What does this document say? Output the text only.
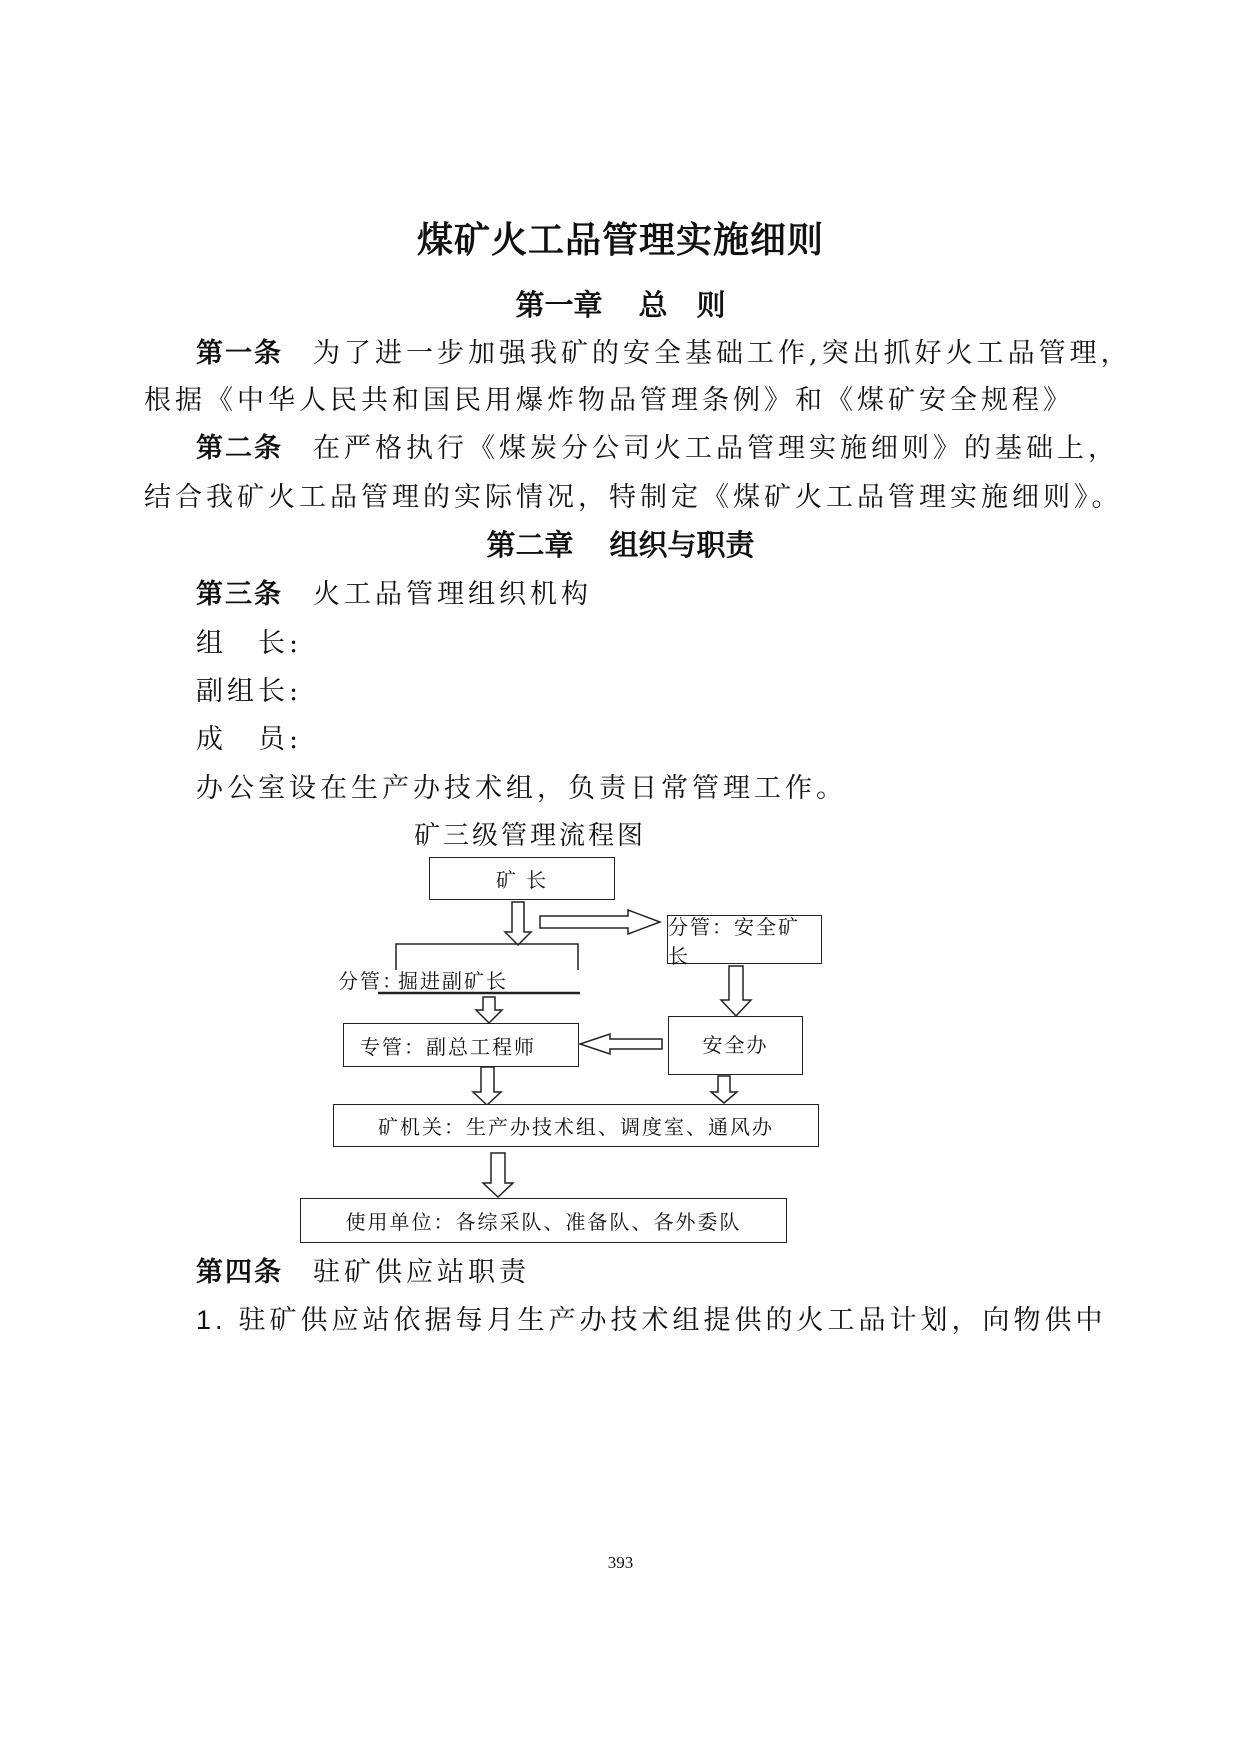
煤矿火工品管理实施细则
第一章 总　则
第一条 为了进一步加强我矿的安全基础工作,突出抓好火工品管理，
根据《中华人民共和国民用爆炸物品管理条例》和《煤矿安全规程》
第二条 在严格执行《煤炭分公司火工品管理实施细则》的基础上，
结合我矿火工品管理的实际情况，特制定《煤矿火工品管理实施细则》。
第二章 组织与职责
第三条 火工品管理组织机构
组　长:
副组长:
成　员:
办公室设在生产办技术组，负责日常管理工作。
矿三级管理流程图
矿 长
分管：安全矿长
分管：
掘进副矿长
专管：副总工程师	安全办
矿机关：生产办技术组、调度室、通风办
使用单位：各综采队、准备队、各外委队
第四条 驻矿供应站职责
1. 驻矿供应站依据每月生产办技术组提供的火工品计划，向物供中
393
